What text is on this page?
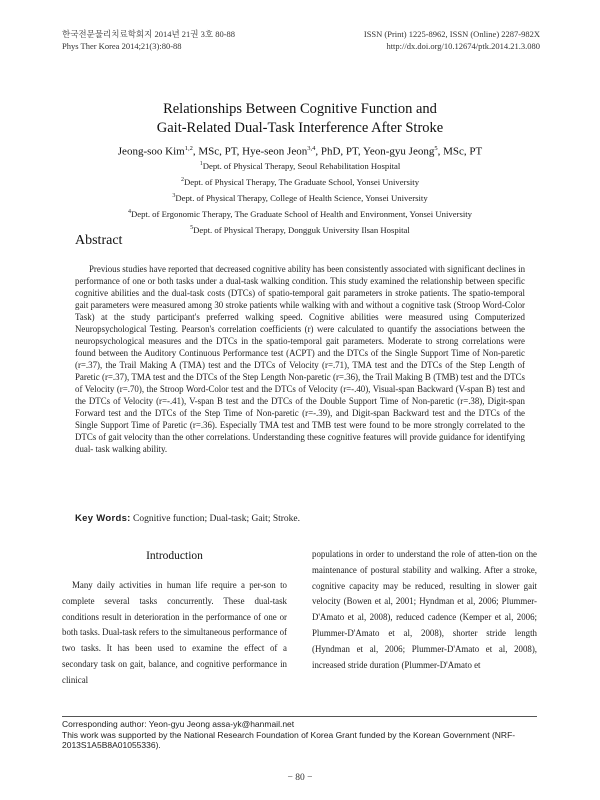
한국전문물리치료학회지 2014년 21권 3호 80-88
Phys Ther Korea 2014;21(3):80-88
ISSN (Print) 1225-8962, ISSN (Online) 2287-982X
http://dx.doi.org/10.12674/ptk.2014.21.3.080
Relationships Between Cognitive Function and
Gait-Related Dual-Task Interference After Stroke
Jeong-soo Kim$^{1,2}$, MSc, PT, Hye-seon Jeon$^{3,4}$, PhD, PT, Yeon-gyu Jeong$^5$, MSc, PT
$^1$Dept. of Physical Therapy, Seoul Rehabilitation Hospital
$^2$Dept. of Physical Therapy, The Graduate School, Yonsei University
$^3$Dept. of Physical Therapy, College of Health Science, Yonsei University
$^4$Dept. of Ergonomic Therapy, The Graduate School of Health and Environment, Yonsei University
$^5$Dept. of Physical Therapy, Dongguk University Ilsan Hospital
Abstract

Previous studies have reported that decreased cognitive ability has been consistently associated with significant declines in performance of one or both tasks under a dual-task walking condition. This study examined the relationship between specific cognitive abilities and the dual-task costs (DTCs) of spatio-temporal gait parameters in stroke patients. The spatio-temporal gait parameters were measured among 30 stroke patients while walking with and without a cognitive task (Stroop Word-Color Task) at the study participant's preferred walking speed. Cognitive abilities were measured using Computerized Neuropsychological Testing. Pearson's correlation coefficients (r) were calculated to quantify the associations between the neuropsychological measures and the DTCs in the spatio-temporal gait parameters. Moderate to strong correlations were found between the Auditory Continuous Performance test (ACPT) and the DTCs of the Single Support Time of Non-paretic (r=.37), the Trail Making A (TMA) test and the DTCs of Velocity (r=.71), TMA test and the DTCs of the Step Length of Paretic (r=.37), TMA test and the DTCs of the Step Length Non-paretic (r=.36), the Trail Making B (TMB) test and the DTCs of Velocity (r=.70), the Stroop Word-Color test and the DTCs of Velocity (r=-.40), Visual-span Backward (V-span B) test and the DTCs of Velocity (r=-.41), V-span B test and the DTCs of the Double Support Time of Non-paretic (r=.38), Digit-span Forward test and the DTCs of the Step Time of Non-paretic (r=-.39), and Digit-span Backward test and the DTCs of the Single Support Time of Paretic (r=.36). Especially TMA test and TMB test were found to be more strongly correlated to the DTCs of gait velocity than the other correlations. Understanding these cognitive features will provide guidance for identifying dual- task walking ability.

Key Words: Cognitive function; Dual-task; Gait; Stroke.
Introduction

Many daily activities in human life require a per-son to complete several tasks concurrently. These dual-task conditions result in deterioration in the performance of one or both tasks. Dual-task refers to the simultaneous performance of two tasks. It has been used to examine the effect of a secondary task on gait, balance, and cognitive performance in clinical

populations in order to understand the role of atten-tion on the maintenance of postural stability and walking. After a stroke, cognitive capacity may be reduced, resulting in slower gait velocity (Bowen et al, 2001; Hyndman et al, 2006; Plummer-D'Amato et al, 2008), reduced cadence (Kemper et al, 2006; Plummer-D'Amato et al, 2008), shorter stride length (Hyndman et al, 2006; Plummer-D'Amato et al, 2008), increased stride duration (Plummer-D'Amato et

Corresponding author: Yeon-gyu Jeong assa-yk@hanmail.net
This work was supported by the National Research Foundation of Korea Grant funded by the Korean Government (NRF-2013S1A5B8A01055336).
− 80 −
